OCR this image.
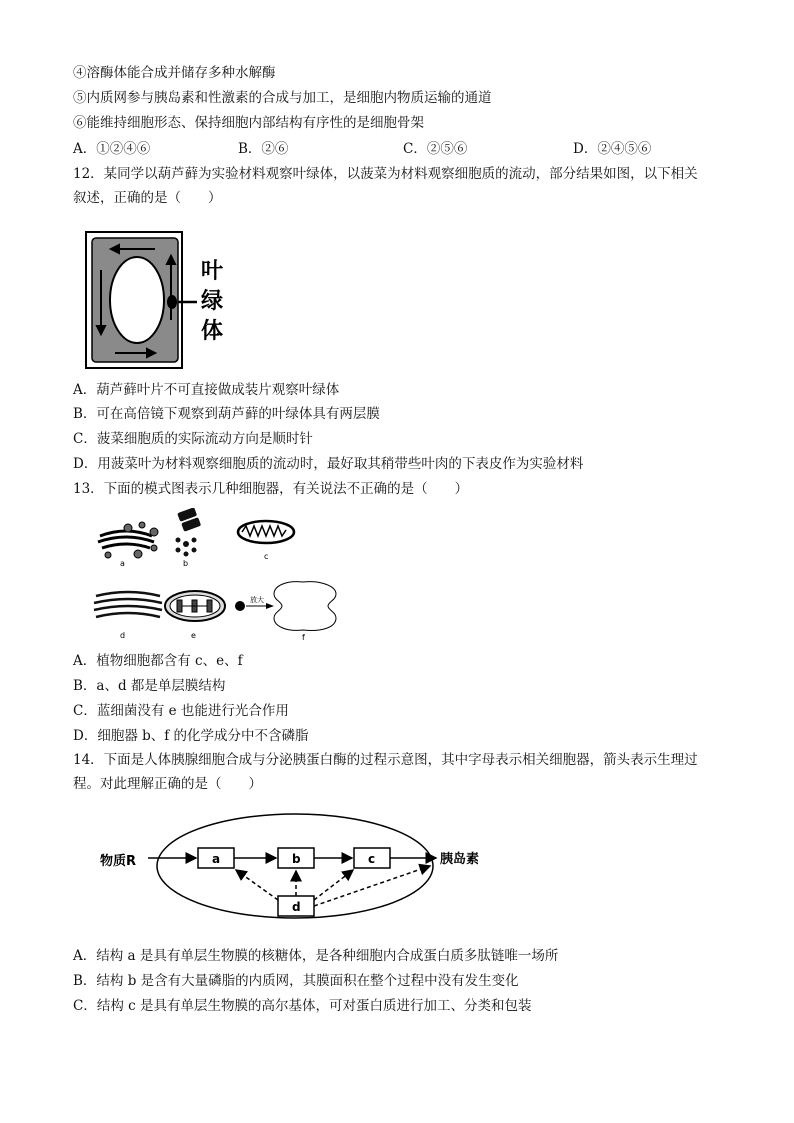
④溶酶体能合成并储存多种水解酶
⑤内质网参与胰岛素和性激素的合成与加工，是细胞内物质运输的通道
⑥能维持细胞形态、保持细胞内部结构有序性的是细胞骨架
A．①②④⑥	B．②⑥	C．②⑤⑥	D．②④⑤⑥
12．某同学以葫芦藓为实验材料观察叶绿体，以菠菜为材料观察细胞质的流动，部分结果如图，以下相关
叙述，正确的是（　　）
叶
绿
体
A．葫芦藓叶片不可直接做成装片观察叶绿体
B．可在高倍镜下观察到葫芦藓的叶绿体具有两层膜
C．菠菜细胞质的实际流动方向是顺时针
D．用菠菜叶为材料观察细胞质的流动时，最好取其稍带些叶肉的下表皮作为实验材料
13．下面的模式图表示几种细胞器，有关说法不正确的是（　　）
a	b
c
d	e
放大
f
A．植物细胞都含有 c、e、f
B．a、d 都是单层膜结构
C．蓝细菌没有 e 也能进行光合作用
D．细胞器 b、f 的化学成分中不含磷脂
14．下面是人体胰腺细胞合成与分泌胰蛋白酶的过程示意图，其中字母表示相关细胞器，箭头表示生理过
程。对此理解正确的是（　　）
物质R	a	b	c	胰岛素
d
A．结构 a 是具有单层生物膜的核糖体，是各种细胞内合成蛋白质多肽链唯一场所
B．结构 b 是含有大量磷脂的内质网，其膜面积在整个过程中没有发生变化
C．结构 c 是具有单层生物膜的高尔基体，可对蛋白质进行加工、分类和包装
